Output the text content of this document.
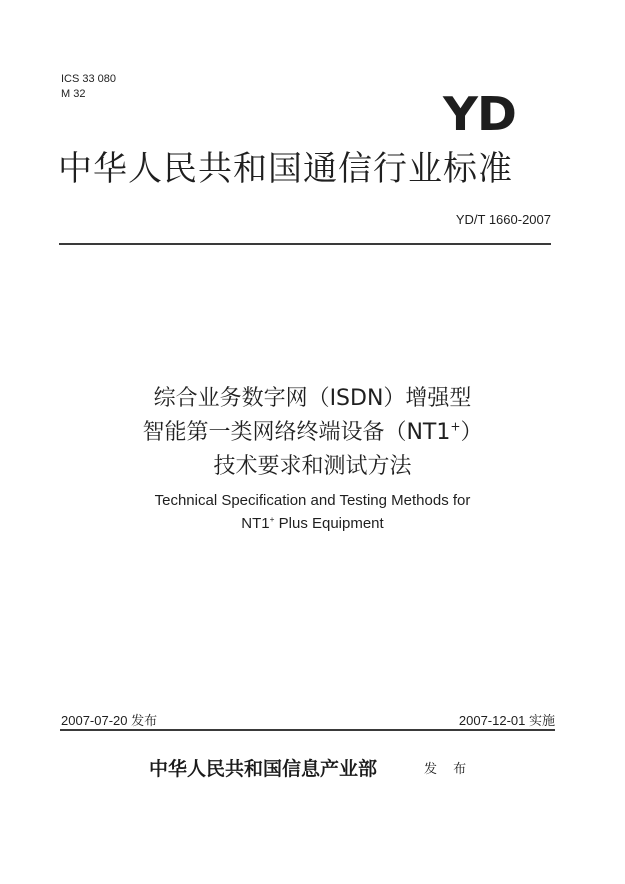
ICS 33 080
M 32	YD
中华人民共和国通信行业标准
YD/T 1660-2007
综合业务数字网（ISDN）增强型
智能第一类网络终端设备（NT1+）
技术要求和测试方法
Technical Specification and Testing Methods for
NT1+ Plus Equipment
2007-07-20 发布	2007-12-01 实施
中华人民共和国信息产业部	发 布
